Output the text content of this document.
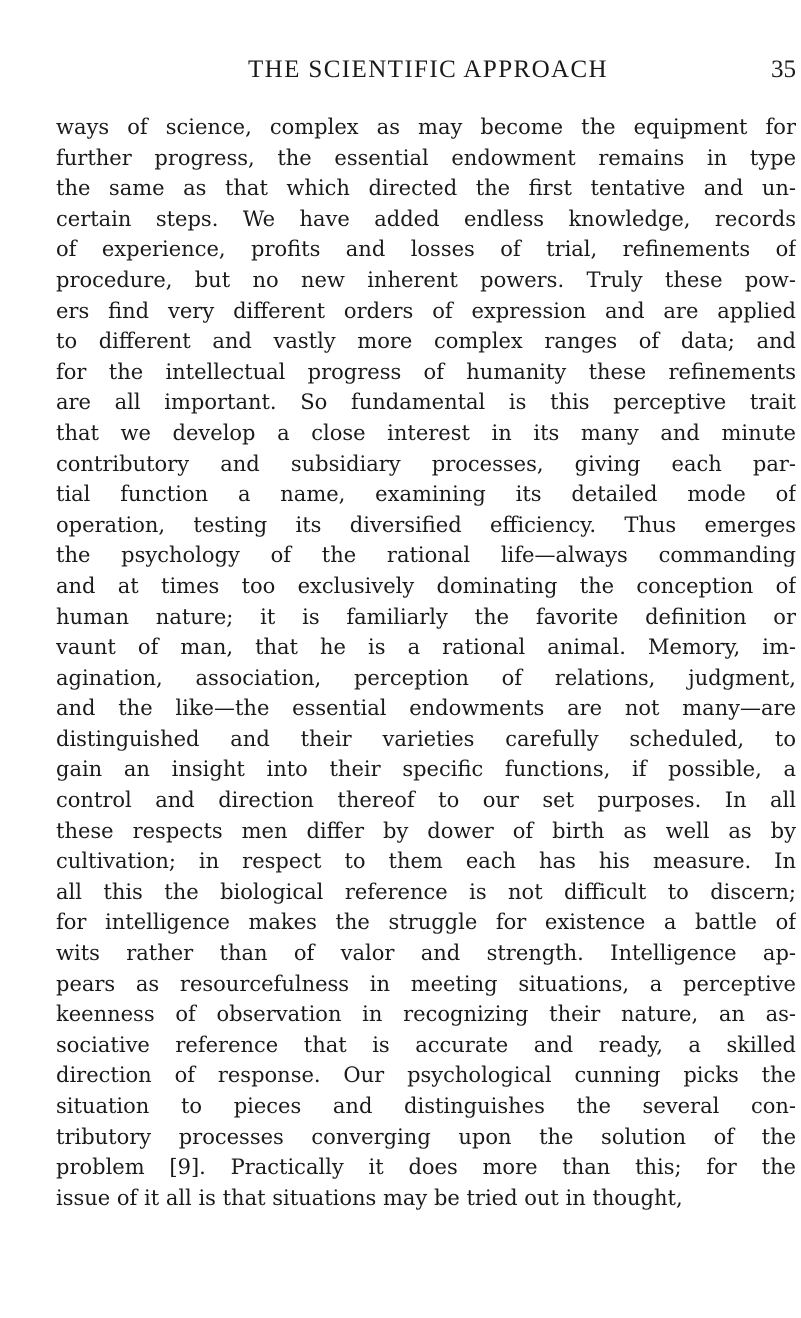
THE SCIENTIFIC APPROACH	35
ways of science, complex as may become the equipment for
further progress, the essential endowment remains in type
the same as that which directed the first tentative and un-
certain steps. We have added endless knowledge, records
of experience, profits and losses of trial, refinements of
procedure, but no new inherent powers. Truly these pow-
ers find very different orders of expression and are applied
to different and vastly more complex ranges of data; and
for the intellectual progress of humanity these refinements
are all important. So fundamental is this perceptive trait
that we develop a close interest in its many and minute
contributory and subsidiary processes, giving each par-
tial function a name, examining its detailed mode of
operation, testing its diversified efficiency. Thus emerges
the psychology of the rational life—always commanding
and at times too exclusively dominating the conception of
human nature; it is familiarly the favorite definition or
vaunt of man, that he is a rational animal. Memory, im-
agination, association, perception of relations, judgment,
and the like—the essential endowments are not many—are
distinguished and their varieties carefully scheduled, to
gain an insight into their specific functions, if possible, a
control and direction thereof to our set purposes. In all
these respects men differ by dower of birth as well as by
cultivation; in respect to them each has his measure. In
all this the biological reference is not difficult to discern;
for intelligence makes the struggle for existence a battle of
wits rather than of valor and strength. Intelligence ap-
pears as resourcefulness in meeting situations, a perceptive
keenness of observation in recognizing their nature, an as-
sociative reference that is accurate and ready, a skilled
direction of response. Our psychological cunning picks the
situation to pieces and distinguishes the several con-
tributory processes converging upon the solution of the
problem [9]. Practically it does more than this; for the
issue of it all is that situations may be tried out in thought,
